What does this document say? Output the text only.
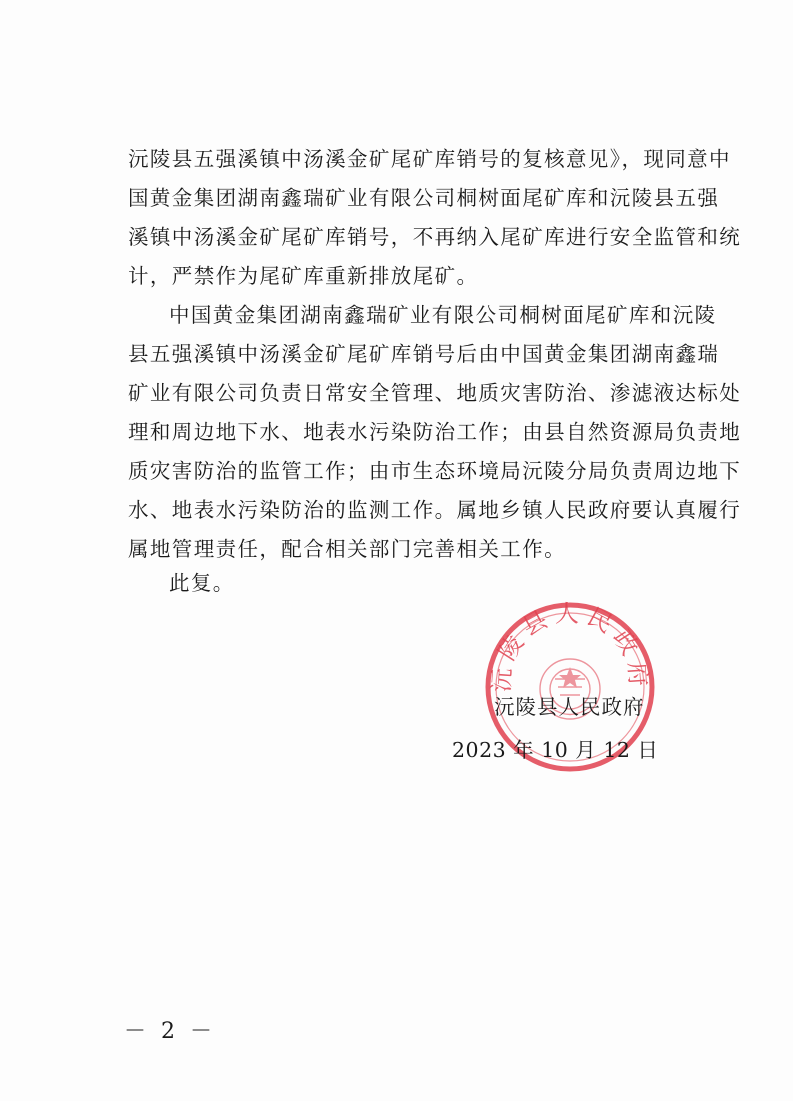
沅陵县五强溪镇中汤溪金矿尾矿库销号的复核意见》，现同意中
国黄金集团湖南鑫瑞矿业有限公司桐树面尾矿库和沅陵县五强
溪镇中汤溪金矿尾矿库销号，不再纳入尾矿库进行安全监管和统
计，严禁作为尾矿库重新排放尾矿。

中国黄金集团湖南鑫瑞矿业有限公司桐树面尾矿库和沅陵
县五强溪镇中汤溪金矿尾矿库销号后由中国黄金集团湖南鑫瑞
矿业有限公司负责日常安全管理、地质灾害防治、渗滤液达标处
理和周边地下水、地表水污染防治工作；由县自然资源局负责地
质灾害防治的监管工作；由市生态环境局沅陵分局负责周边地下
水、地表水污染防治的监测工作。属地乡镇人民政府要认真履行
属地管理责任，配合相关部门完善相关工作。

此复。
沅陵县人民政府
沅陵县人民政府
2023 年 10 月 12 日
－ 2 －
